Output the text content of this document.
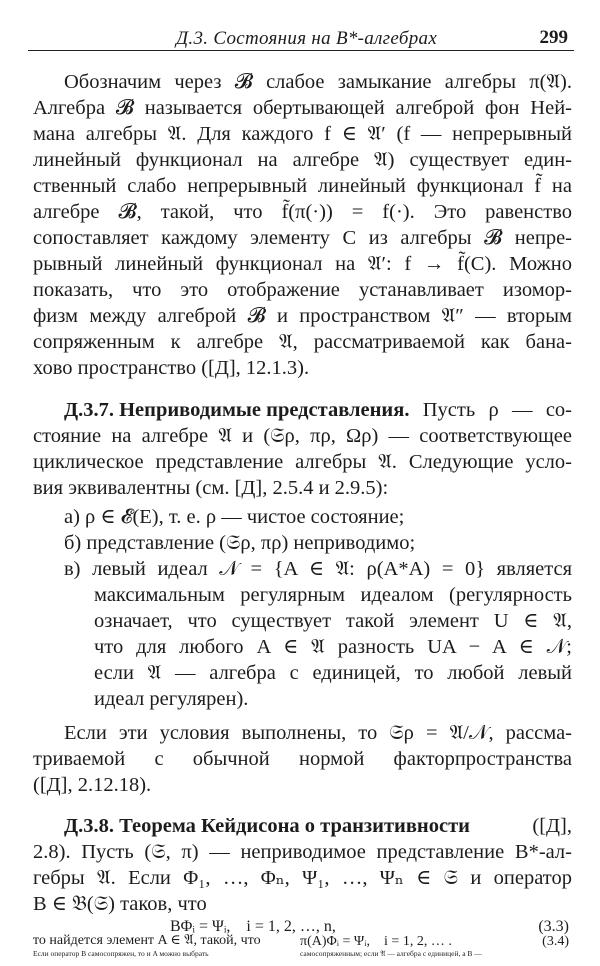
Д.3. Состояния на B*-алгебрах	299
Обозначим через 𝓑 слабое замыкание алгебры π(𝔄).
Алгебра 𝓑 называется обертывающей алгеброй фон Ней-
мана алгебры 𝔄. Для каждого f ∈ 𝔄′ (f — непрерывный
линейный функционал на алгебре 𝔄) существует един-
ственный слабо непрерывный линейный функционал f̃ на
алгебре 𝓑, такой, что f̃(π(·)) = f(·). Это равенство
сопоставляет каждому элементу C из алгебры 𝓑 непре-
рывный линейный функционал на 𝔄′: f → f̃(C). Можно
показать, что это отображение устанавливает изомор-
физм между алгеброй 𝓑 и пространством 𝔄″ — вторым
сопряженным к алгебре 𝔄, рассматриваемой как бана-
хово пространство ([Д], 12.1.3).
Д.3.7. Неприводимые представления. Пусть ρ — со-
стояние на алгебре 𝔄 и (𝔖ρ, πρ, Ωρ) — соответствующее
циклическое представление алгебры 𝔄. Следующие усло-
вия эквивалентны (см. [Д], 2.5.4 и 2.9.5):
а) ρ ∈ 𝓔(E), т. е. ρ — чистое состояние;
б) представление (𝔖ρ, πρ) неприводимо;
в) левый идеал 𝒩 = {A ∈ 𝔄: ρ(A*A) = 0} является
максимальным регулярным идеалом (регулярность
означает, что существует такой элемент U ∈ 𝔄,
что для любого A ∈ 𝔄 разность UA − A ∈ 𝒩;
если 𝔄 — алгебра с единицей, то любой левый
идеал регулярен).
Если эти условия выполнены, то 𝔖ρ = 𝔄/𝒩, рассма-
триваемой с обычной нормой факторпространства
([Д], 2.12.18).
Д.3.8. Теорема Кейдисона о транзитивности	([Д],
2.8). Пусть (𝔖, π) — неприводимое представление B*-ал-
гебры 𝔄. Если Φ₁, …, Φₙ, Ψ₁, …, Ψₙ ∈ 𝔖 и оператор
B ∈ 𝔅(𝔖) таков, что
BΦᵢ = Ψᵢ,    i = 1, 2, …, n,	(3.3)
то найдется элемент A ∈ 𝔄, такой, что	π(A)Φᵢ = Ψᵢ,    i = 1, 2, … .	(3.4)
Если оператор B самосопряжен, то и A можно выбрать	самосопряженным; если 𝔄 — алгебра с единицей, а B —
